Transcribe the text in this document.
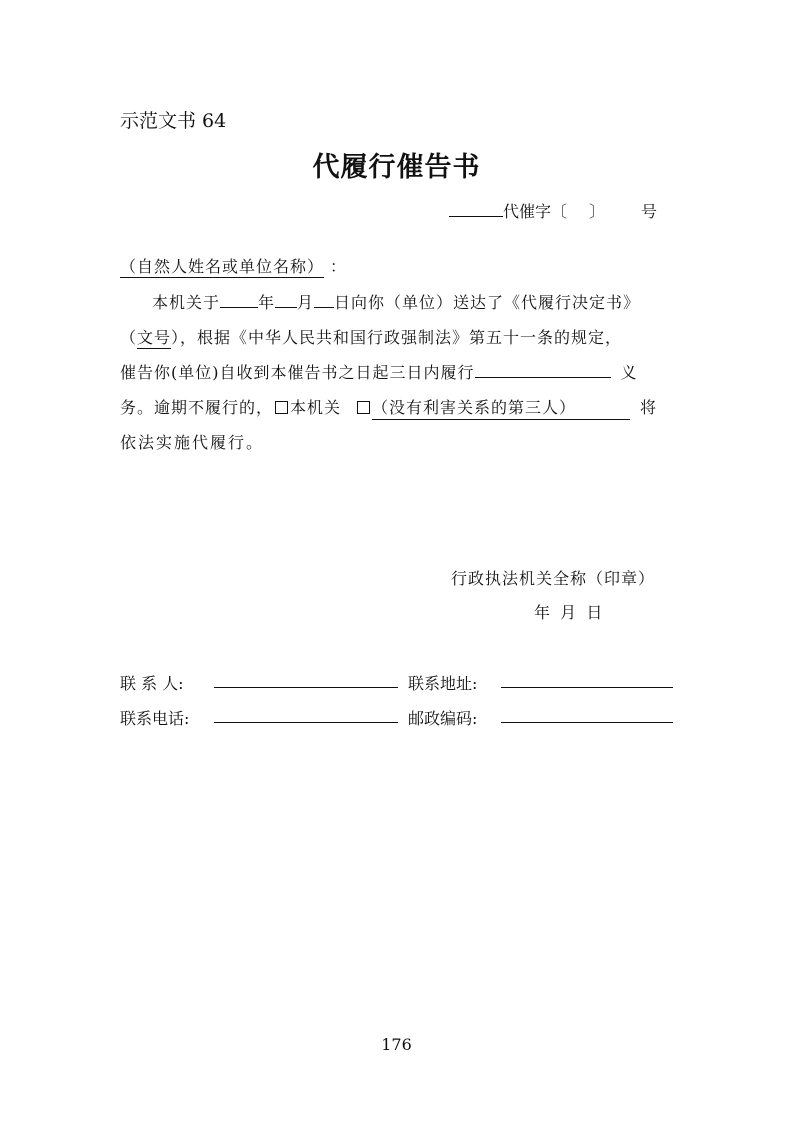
示范文书 64
代履行催告书
代催字〔 〕 号
（自然人姓名或单位名称） ：
本机关于 年 月 日向你（单位）送达了《代履行决定书》
（文号），根据《中华人民共和国行政强制法》第五十一条的规定，
催告你(单位)自收到本催告书之日起三日内履行	义
务。逾期不履行的， 本机关 （没有利害关系的第三人）	将
依法实施代履行。
行政执法机关全称（印章）
年  月  日
联 系 人:	联系地址:
联系电话:	邮政编码:
176
